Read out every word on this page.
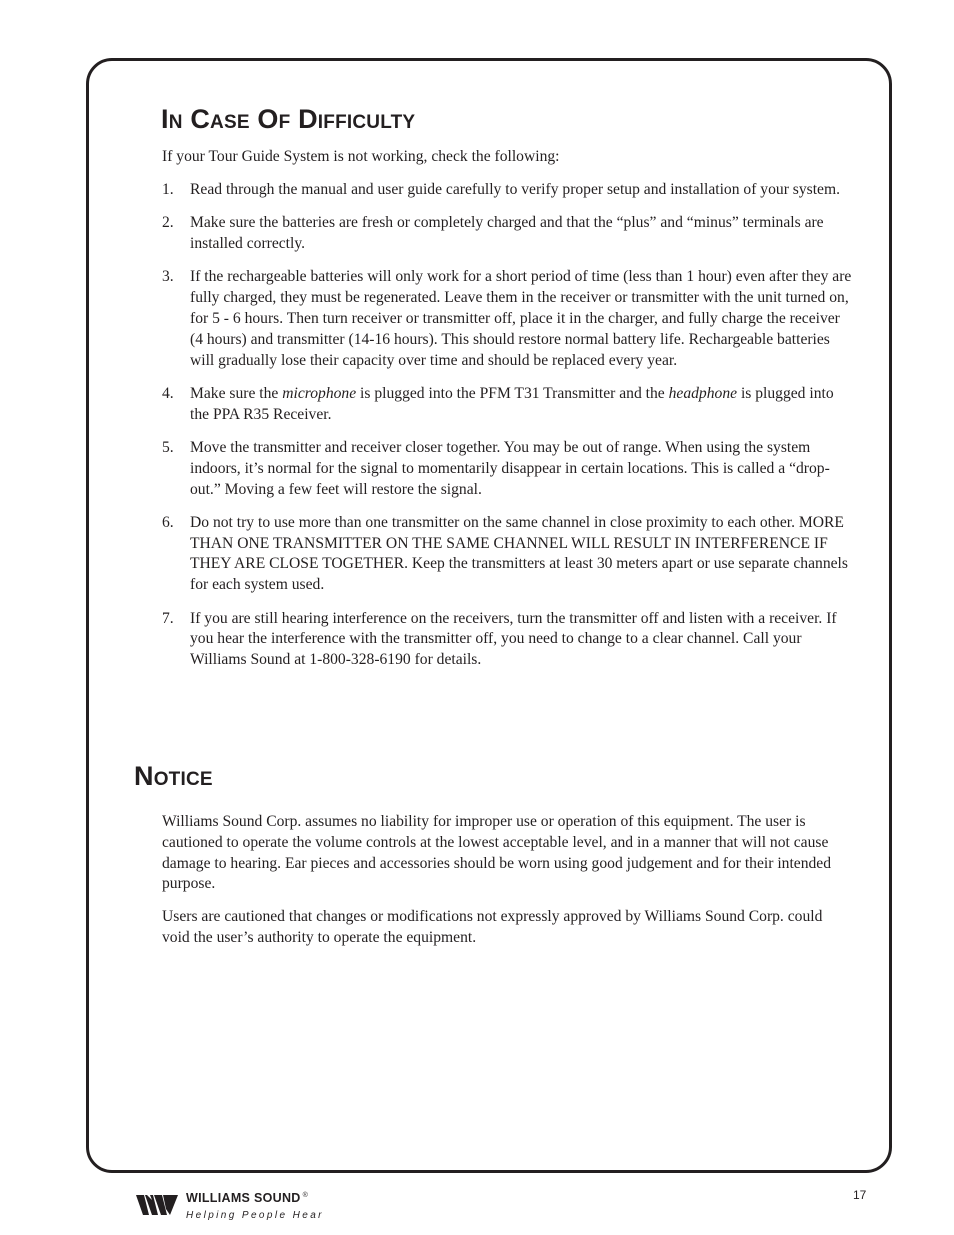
In Case Of Difficulty

If your Tour Guide System is not working, check the following:

1.	Read through the manual and user guide carefully to verify proper setup and installation of your system.
2.	Make sure the batteries are fresh or completely charged and that the “plus” and “minus” terminals are installed correctly.
3.	If the rechargeable batteries will only work for a short period of time (less than 1 hour) even after they are fully charged, they must be regenerated. Leave them in the receiver or transmitter with the unit turned on, for 5 - 6 hours. Then turn receiver or transmitter off, place it in the charger, and fully charge the receiver (4 hours) and transmitter (14-16 hours). This should restore normal battery life. Rechargeable batteries will gradually lose their capacity over time and should be replaced every year.
4.	Make sure the microphone is plugged into the PFM T31 Transmitter and the headphone is plugged into the PPA R35 Receiver.
5.	Move the transmitter and receiver closer together. You may be out of range. When using the system indoors, it’s normal for the signal to momentarily disappear in certain locations. This is called a “drop-out.” Moving a few feet will restore the signal.
6.	Do not try to use more than one transmitter on the same channel in close proximity to each other. MORE THAN ONE TRANSMITTER ON THE SAME CHANNEL WILL RESULT IN INTERFERENCE IF THEY ARE CLOSE TOGETHER. Keep the transmitters at least 30 meters apart or use separate channels for each system used.
7.	If you are still hearing interference on the receivers, turn the transmitter off and listen with a receiver. If you hear the interference with the transmitter off, you need to change to a clear channel. Call your Williams Sound at 1-800-328-6190 for details.
Notice

Williams Sound Corp. assumes no liability for improper use or operation of this equipment. The user is cautioned to operate the volume controls at the lowest acceptable level, and in a manner that will not cause damage to hearing. Ear pieces and accessories should be worn using good judgement and for their intended purpose.

Users are cautioned that changes or modifications not expressly approved by Williams Sound Corp. could void the user’s authority to operate the equipment.

WILLIAMS SOUND ®
Helping People Hear
17
